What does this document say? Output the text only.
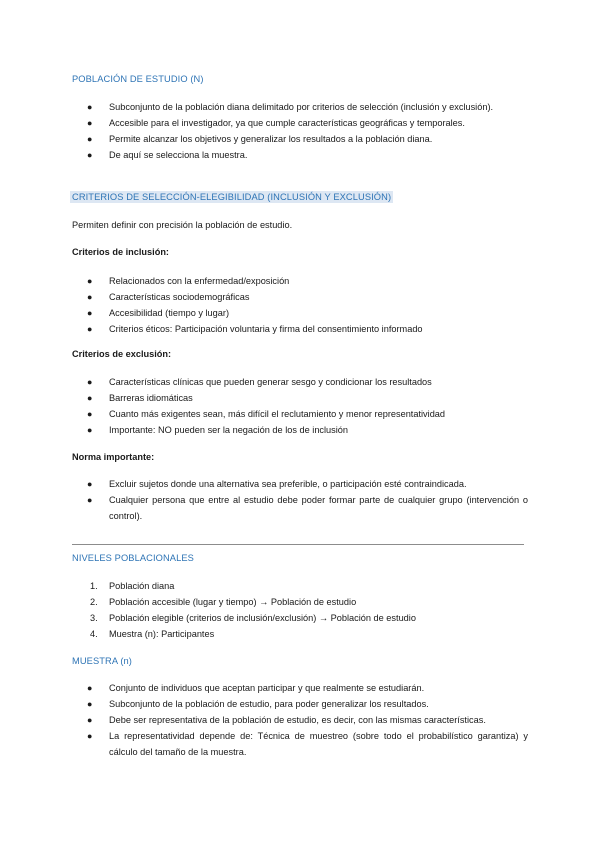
POBLACIÓN DE ESTUDIO (N)
● Subconjunto de la población diana delimitado por criterios de selección (inclusión y exclusión).
● Accesible para el investigador, ya que cumple características geográficas y temporales.
● Permite alcanzar los objetivos y generalizar los resultados a la población diana.
● De aquí se selecciona la muestra.
CRITERIOS DE SELECCIÓN-ELEGIBILIDAD (INCLUSIÓN Y EXCLUSIÓN)

Permiten definir con precisión la población de estudio.

Criterios de inclusión:

● Relacionados con la enfermedad/exposición
● Características sociodemográficas
● Accesibilidad (tiempo y lugar)
● Criterios éticos: Participación voluntaria y firma del consentimiento informado

Criterios de exclusión:

● Características clínicas que pueden generar sesgo y condicionar los resultados
● Barreras idiomáticas
● Cuanto más exigentes sean, más difícil el reclutamiento y menor representatividad
● Importante: NO pueden ser la negación de los de inclusión

Norma importante:

● Excluir sujetos donde una alternativa sea preferible, o participación esté contraindicada.
● Cualquier persona que entre al estudio debe poder formar parte de cualquier grupo (intervención o control).
NIVELES POBLACIONALES
1. Población diana
2. Población accesible (lugar y tiempo) → Población de estudio
3. Población elegible (criterios de inclusión/exclusión) → Población de estudio
4. Muestra (n): Participantes
MUESTRA (n)
● Conjunto de individuos que aceptan participar y que realmente se estudiarán.
● Subconjunto de la población de estudio, para poder generalizar los resultados.
● Debe ser representativa de la población de estudio, es decir, con las mismas características.
● La representatividad depende de: Técnica de muestreo (sobre todo el probabilístico garantiza) y cálculo del tamaño de la muestra.
